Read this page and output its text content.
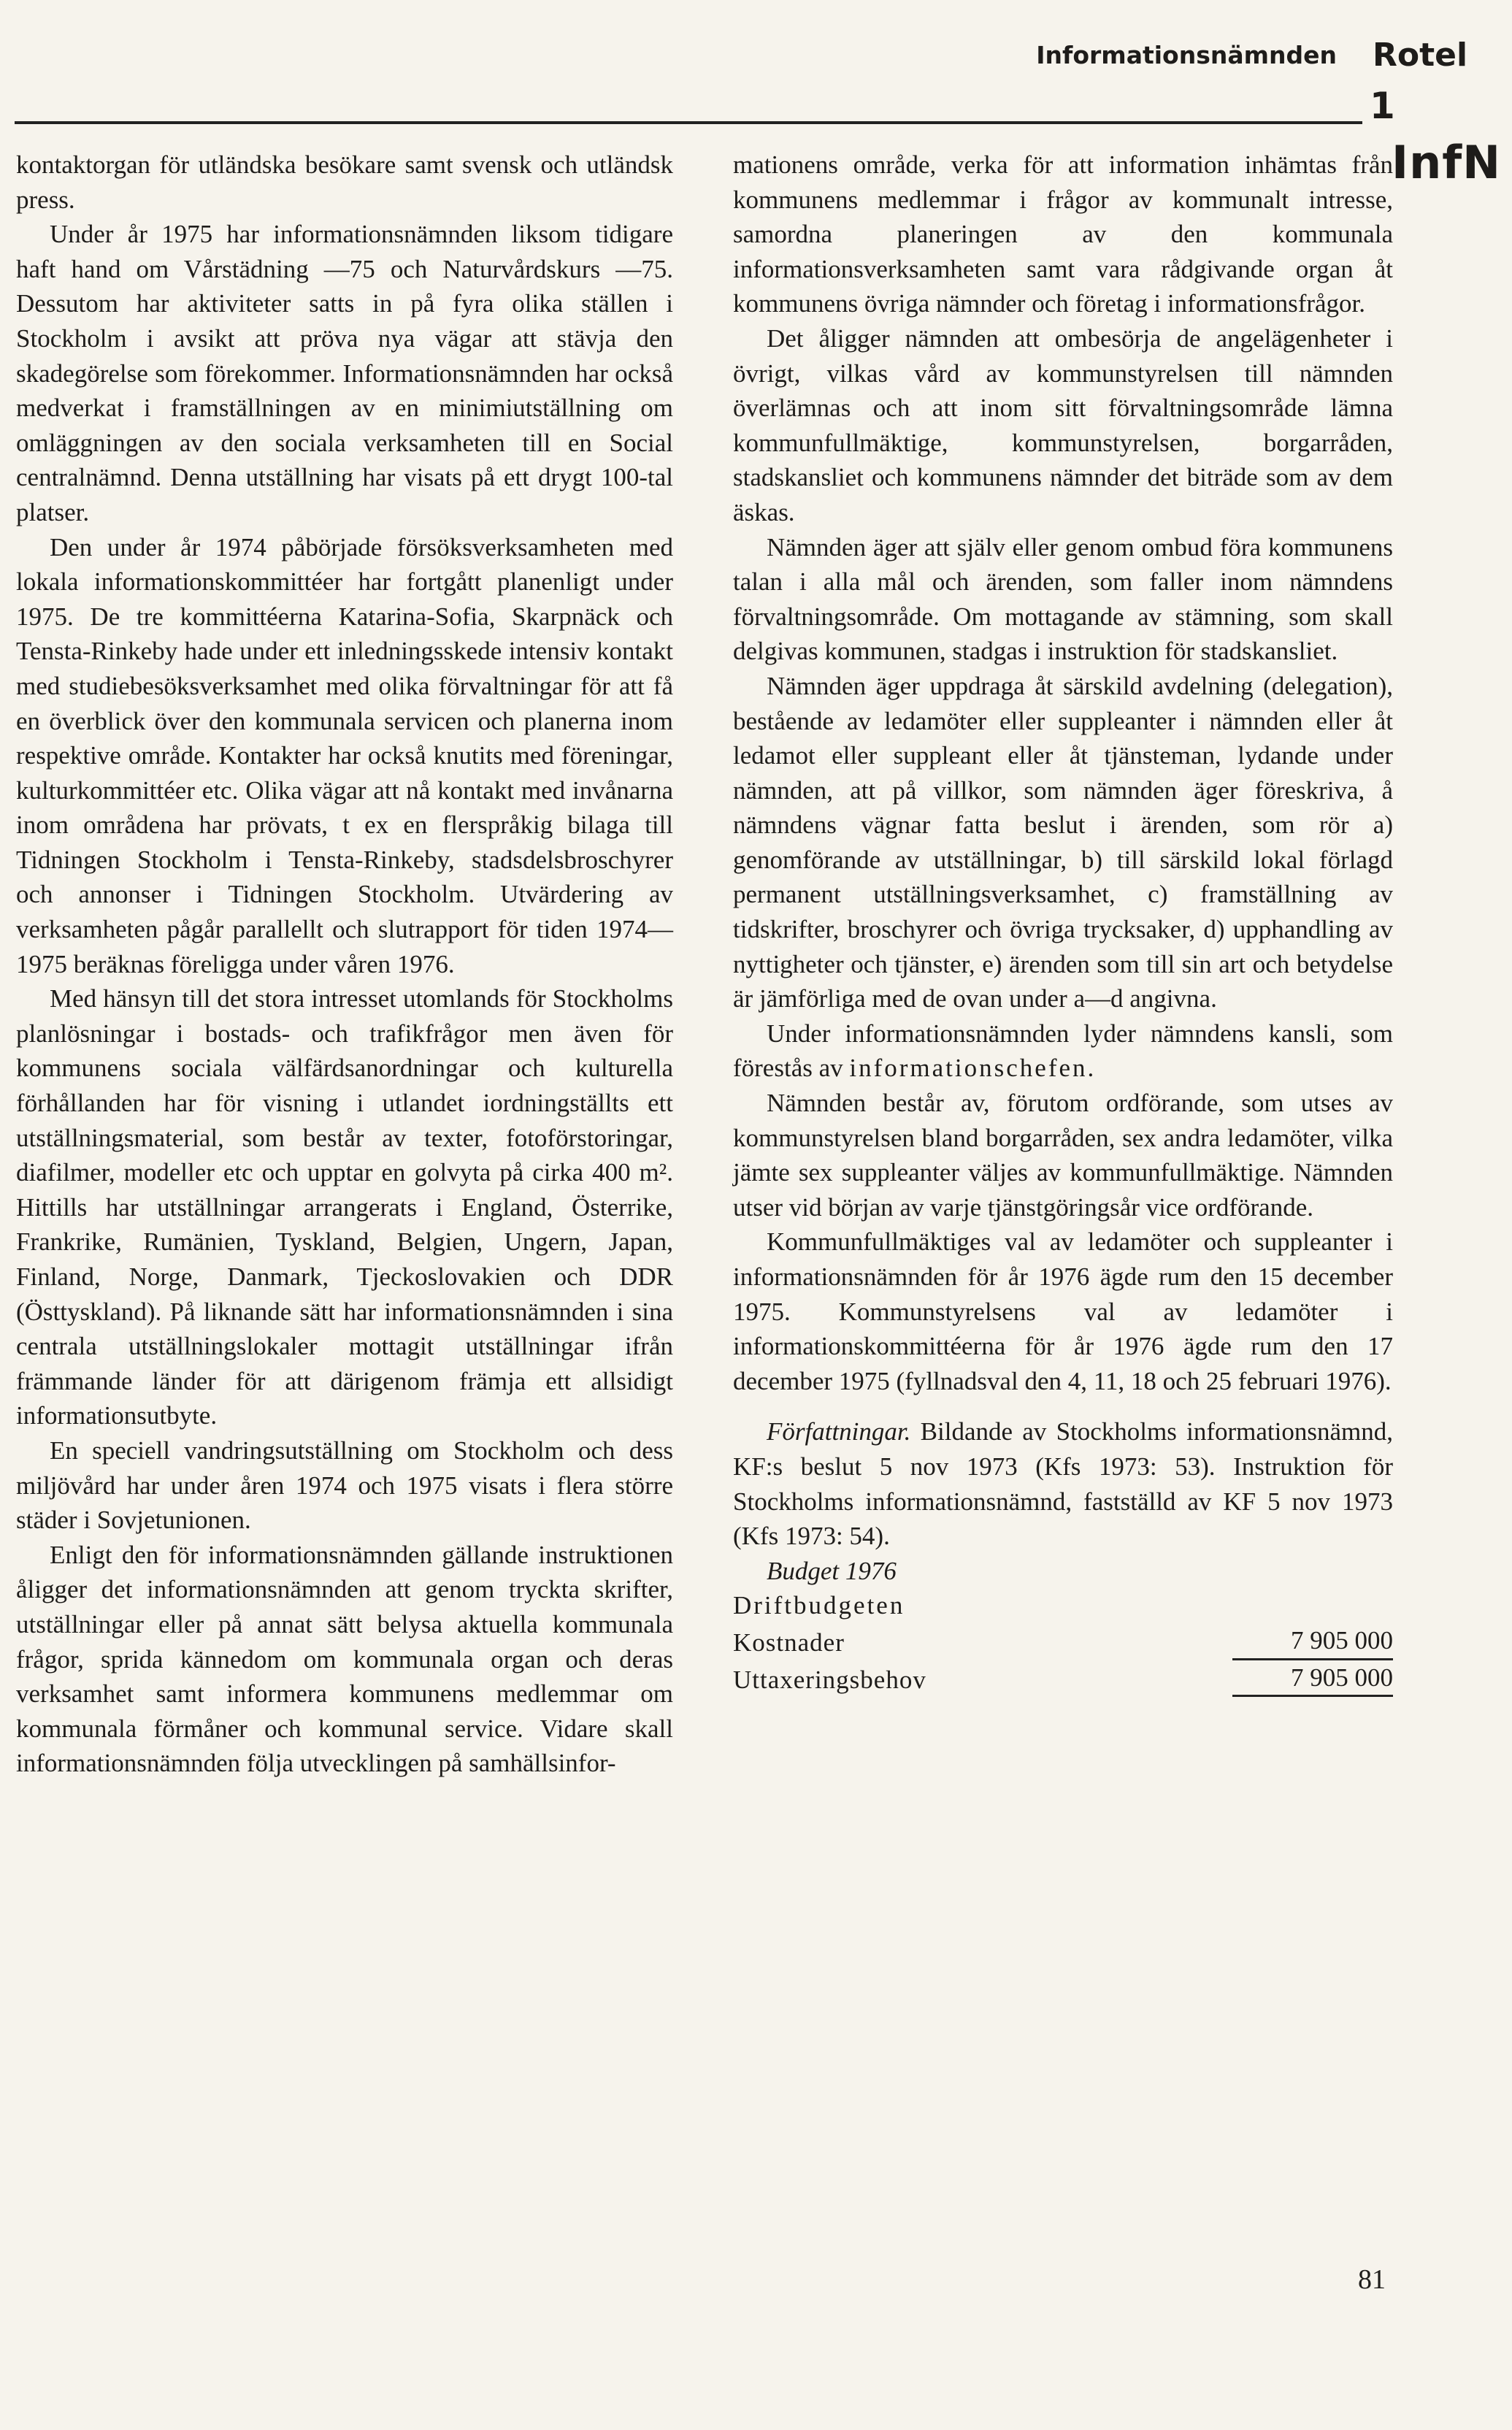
Informationsnämnden Rotel
1
InfN

kontaktorgan för utländska besökare samt svensk och utländsk press.

Under år 1975 har informationsnämnden liksom tidigare haft hand om Vårstädning —75 och Naturvårdskurs —75. Dessutom har aktiviteter satts in på fyra olika ställen i Stockholm i avsikt att pröva nya vägar att stävja den skadegörelse som förekommer. Informationsnämnden har också medverkat i framställningen av en minimiutställning om omläggningen av den sociala verksamheten till en Social centralnämnd. Denna utställning har visats på ett drygt 100-tal platser.

Den under år 1974 påbörjade försöksverksamheten med lokala informationskommittéer har fortgått planenligt under 1975. De tre kommittéerna Katarina-Sofia, Skarpnäck och Tensta-Rinkeby hade under ett inledningsskede intensiv kontakt med studiebesöksverksamhet med olika förvaltningar för att få en överblick över den kommunala servicen och planerna inom respektive område. Kontakter har också knutits med föreningar, kulturkommittéer etc. Olika vägar att nå kontakt med invånarna inom områdena har prövats, t ex en flerspråkig bilaga till Tidningen Stockholm i Tensta-Rinkeby, stadsdelsbroschyrer och annonser i Tidningen Stockholm. Utvärdering av verksamheten pågår parallellt och slutrapport för tiden 1974—1975 beräknas föreligga under våren 1976.

Med hänsyn till det stora intresset utomlands för Stockholms planlösningar i bostads- och trafikfrågor men även för kommunens sociala välfärdsanordningar och kulturella förhållanden har för visning i utlandet iordningställts ett utställningsmaterial, som består av texter, fotoförstoringar, diafilmer, modeller etc och upptar en golvyta på cirka 400 m². Hittills har utställningar arrangerats i England, Österrike, Frankrike, Rumänien, Tyskland, Belgien, Ungern, Japan, Finland, Norge, Danmark, Tjeckoslovakien och DDR (Östtyskland). På liknande sätt har informationsnämnden i sina centrala utställningslokaler mottagit utställningar ifrån främmande länder för att därigenom främja ett allsidigt informationsutbyte.

En speciell vandringsutställning om Stockholm och dess miljövård har under åren 1974 och 1975 visats i flera större städer i Sovjetunionen.

Enligt den för informationsnämnden gällande instruktionen åligger det informationsnämnden att genom tryckta skrifter, utställningar eller på annat sätt belysa aktuella kommunala frågor, sprida kännedom om kommunala organ och deras verksamhet samt informera kommunens medlemmar om kommunala förmåner och kommunal service. Vidare skall informationsnämnden följa utvecklingen på samhällsinfor-

mationens område, verka för att information inhämtas från kommunens medlemmar i frågor av kommunalt intresse, samordna planeringen av den kommunala informationsverksamheten samt vara rådgivande organ åt kommunens övriga nämnder och företag i informationsfrågor.

Det åligger nämnden att ombesörja de angelägenheter i övrigt, vilkas vård av kommunstyrelsen till nämnden överlämnas och att inom sitt förvaltningsområde lämna kommunfullmäktige, kommunstyrelsen, borgarråden, stadskansliet och kommunens nämnder det biträde som av dem äskas.

Nämnden äger att själv eller genom ombud föra kommunens talan i alla mål och ärenden, som faller inom nämndens förvaltningsområde. Om mottagande av stämning, som skall delgivas kommunen, stadgas i instruktion för stadskansliet.

Nämnden äger uppdraga åt särskild avdelning (delegation), bestående av ledamöter eller suppleanter i nämnden eller åt ledamot eller suppleant eller åt tjänsteman, lydande under nämnden, att på villkor, som nämnden äger föreskriva, å nämndens vägnar fatta beslut i ärenden, som rör a) genomförande av utställningar, b) till särskild lokal förlagd permanent utställningsverksamhet, c) framställning av tidskrifter, broschyrer och övriga trycksaker, d) upphandling av nyttigheter och tjänster, e) ärenden som till sin art och betydelse är jämförliga med de ovan under a—d angivna.

Under informationsnämnden lyder nämndens kansli, som förestås av informationschefen.

Nämnden består av, förutom ordförande, som utses av kommunstyrelsen bland borgarråden, sex andra ledamöter, vilka jämte sex suppleanter väljes av kommunfullmäktige. Nämnden utser vid början av varje tjänstgöringsår vice ordförande.

Kommunfullmäktiges val av ledamöter och suppleanter i informationsnämnden för år 1976 ägde rum den 15 december 1975. Kommunstyrelsens val av ledamöter i informationskommittéerna för år 1976 ägde rum den 17 december 1975 (fyllnadsval den 4, 11, 18 och 25 februari 1976).

Författningar. Bildande av Stockholms informationsnämnd, KF:s beslut 5 nov 1973 (Kfs 1973: 53). Instruktion för Stockholms informationsnämnd, fastställd av KF 5 nov 1973 (Kfs 1973: 54).

Budget 1976

Driftbudgeten
Kostnader	7 905 000
Uttaxeringsbehov	7 905 000
81
